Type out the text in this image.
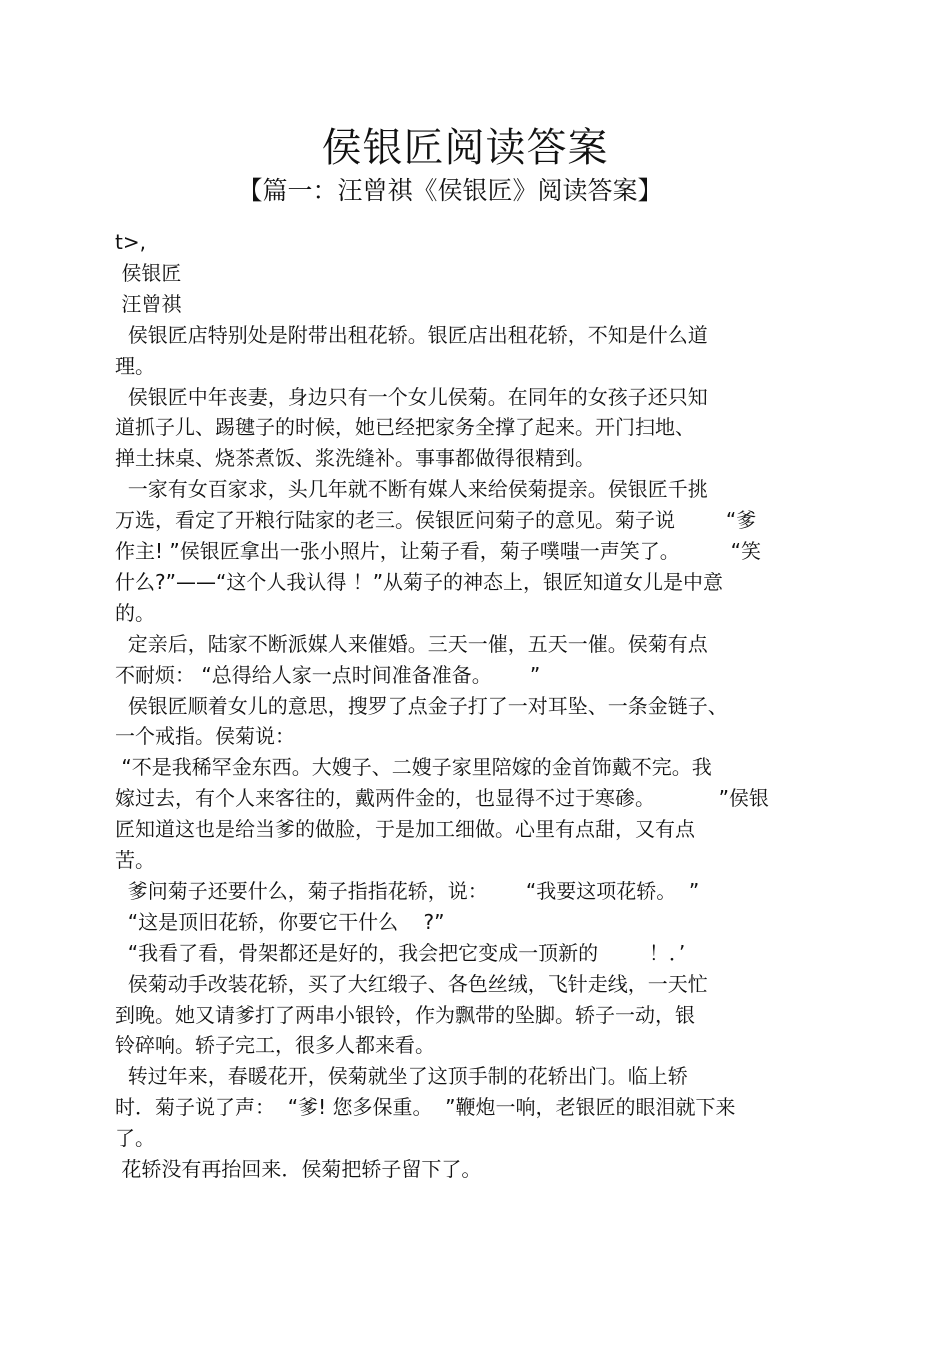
侯银匠阅读答案
【篇一：汪曾祺《侯银匠》阅读答案】
t>,
侯银匠
汪曾祺
侯银匠店特别处是附带出租花轿。银匠店出租花轿，不知是什么道
理。
侯银匠中年丧妻，身边只有一个女儿侯菊。在同年的女孩子还只知
道抓子儿、踢毽子的时候，她已经把家务全撑了起来。开门扫地、
掸土抹桌、烧茶煮饭、浆洗缝补。事事都做得很精到。
一家有女百家求，头几年就不断有媒人来给侯菊提亲。侯银匠千挑
万选，看定了开粮行陆家的老三。侯银匠问菊子的意见。菊子说        “爹
作主! ”侯银匠拿出一张小照片，让菊子看，菊子噗嗤一声笑了。        “笑
什么?”——“这个人我认得 ！”从菊子的神态上，银匠知道女儿是中意
的。
定亲后，陆家不断派媒人来催婚。三天一催，五天一催。侯菊有点
不耐烦： “总得给人家一点时间准备准备。      ”
侯银匠顺着女儿的意思，搜罗了点金子打了一对耳坠、一条金链子、
一个戒指。侯菊说：
“不是我稀罕金东西。大嫂子、二嫂子家里陪嫁的金首饰戴不完。我
嫁过去，有个人来客往的，戴两件金的，也显得不过于寒碜。          ”侯银
匠知道这也是给当爹的做脸，于是加工细做。心里有点甜，又有点
苦。
爹问菊子还要什么，菊子指指花轿，说：      “我要这项花轿。  ”
“这是顶旧花轿，你要它干什么    ?”
“我看了看，骨架都还是好的，我会把它变成一顶新的        ！．’
侯菊动手改装花轿，买了大红缎子、各色丝绒，飞针走线，一天忙
到晚。她又请爹打了两串小银铃，作为飘带的坠脚。轿子一动，银
铃碎响。轿子完工，很多人都来看。
转过年来，春暖花开，侯菊就坐了这顶手制的花轿出门。临上轿
时．菊子说了声：  “爹! 您多保重。  ”鞭炮一响，老银匠的眼泪就下来
了。
花轿没有再抬回来．侯菊把轿子留下了。
